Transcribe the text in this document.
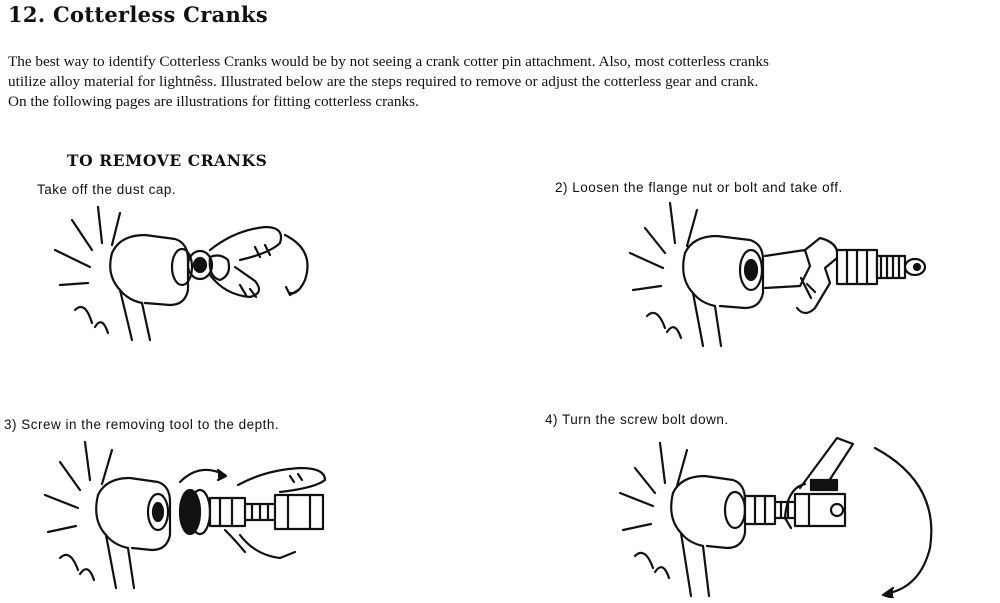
12. Cotterless Cranks

The best way to identify Cotterless Cranks would be by not seeing a crank cotter pin attachment. Also, most cotterless cranks

utilize alloy material for lightnêss. Illustrated below are the steps required to remove or adjust the cotterless gear and crank.

On the following pages are illustrations for fitting cotterless cranks.

TO REMOVE CRANKS
Take off the dust cap.	2) Loosen the flange nut or bolt and take off.
3) Screw in the removing tool to the depth.	4) Turn the screw bolt down.
